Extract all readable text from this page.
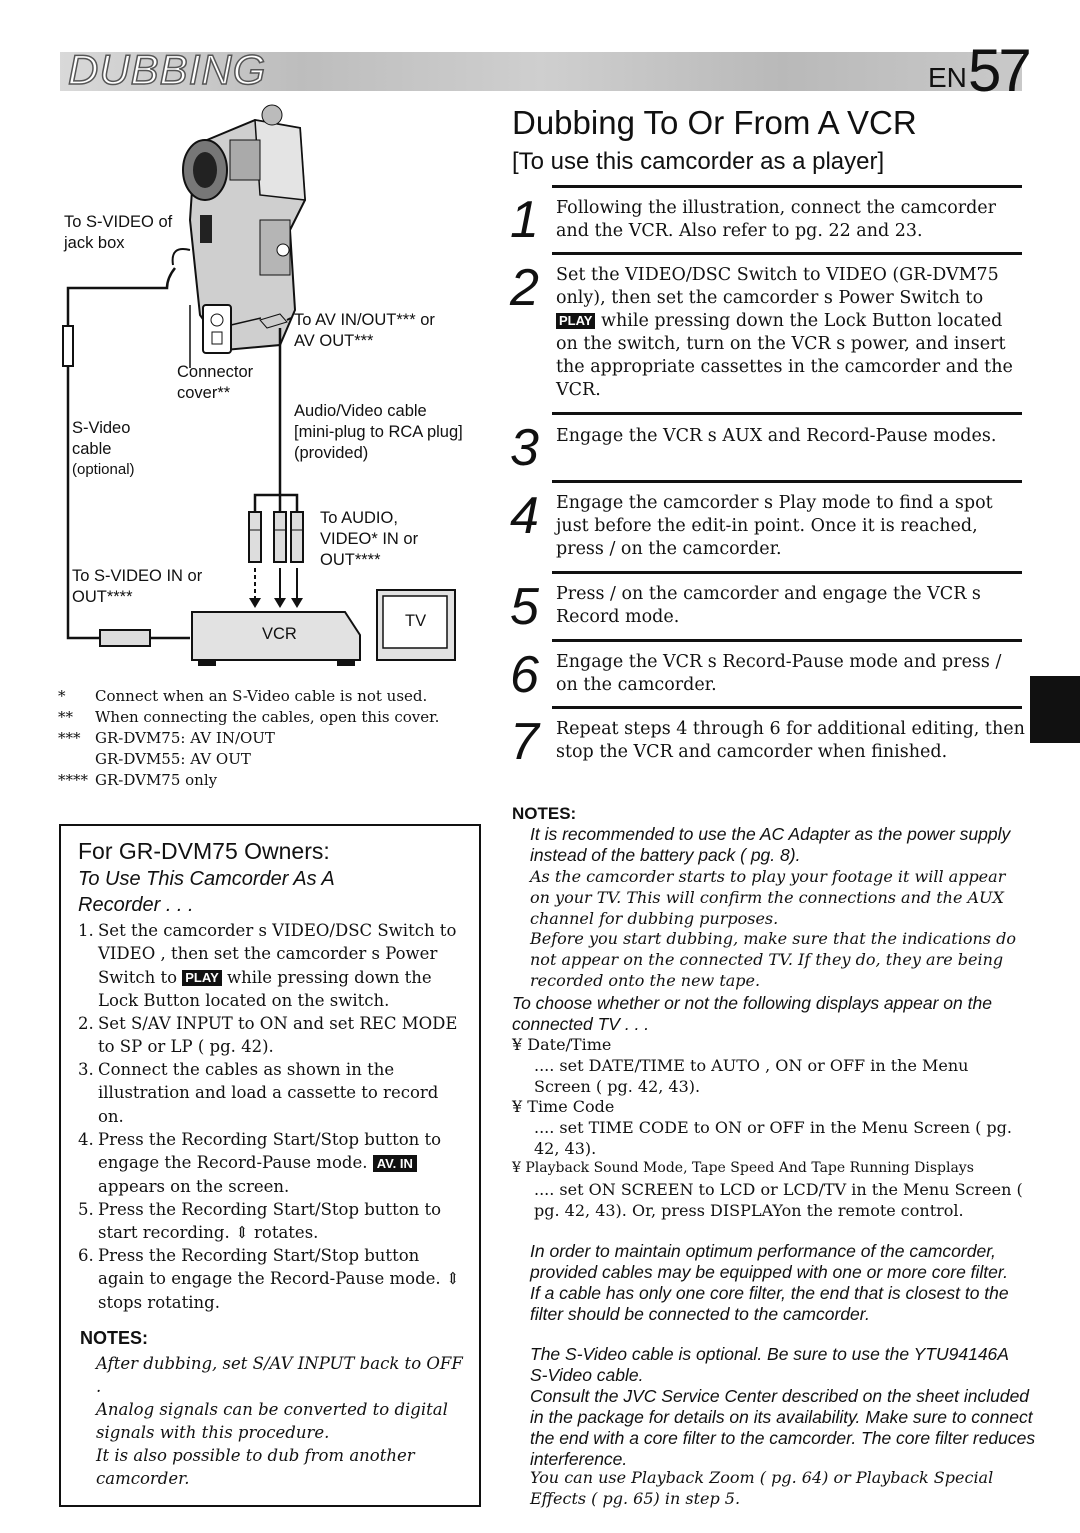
DUBBING	EN 57
To S-VIDEO of jack box
To AV IN/OUT*** or AV OUT***
Connector cover**
Audio/Video cable [mini-plug to RCA plug] (provided)
S-Video cable
(optional)
To AUDIO, VIDEO* IN or OUT****
To S-VIDEO IN or OUT****
VCR
TV
* Connect when an S-Video cable is not used.
** When connecting the cables, open this cover.
*** GR-DVM75: AV IN/OUT
GR-DVM55: AV OUT
**** GR-DVM75 only
For GR-DVM75 Owners:
To Use This Camcorder As A Recorder . . .
1. Set the camcorder s VIDEO/DSC Switch to VIDEO , then set the camcorder s Power Switch to PLAY while pressing down the Lock Button located on the switch.
2. Set S/AV INPUT to ON and set REC MODE to SP or LP ( pg. 42).
3. Connect the cables as shown in the illustration and load a cassette to record on.
4. Press the Recording Start/Stop button to engage the Record-Pause mode. AV. IN appears on the screen.
5. Press the Recording Start/Stop button to start recording. ⇕ rotates.
6. Press the Recording Start/Stop button again to engage the Record-Pause mode. ⇕ stops rotating.
NOTES:
After dubbing, set S/AV INPUT back to OFF .
Analog signals can be converted to digital signals with this procedure.
It is also possible to dub from another camcorder.
Dubbing To Or From A VCR
[To use this camcorder as a player]
1 Following the illustration, connect the camcorder and the VCR. Also refer to pg. 22 and 23.
2 Set the VIDEO/DSC Switch to VIDEO (GR-DVM75 only), then set the camcorder s Power Switch to PLAY while pressing down the Lock Button located on the switch, turn on the VCR s power, and insert the appropriate cassettes in the camcorder and the VCR.
3 Engage the VCR s AUX and Record-Pause modes.
4 Engage the camcorder s Play mode to find a spot just before the edit-in point. Once it is reached, press / on the camcorder.
5 Press / on the camcorder and engage the VCR s Record mode.
6 Engage the VCR s Record-Pause mode and press / on the camcorder.
7 Repeat steps 4 through 6 for additional editing, then stop the VCR and camcorder when finished.
NOTES:
It is recommended to use the AC Adapter as the power supply instead of the battery pack ( pg. 8).
As the camcorder starts to play your footage it will appear on your TV. This will confirm the connections and the AUX channel for dubbing purposes.
Before you start dubbing, make sure that the indications do not appear on the connected TV. If they do, they are being recorded onto the new tape.
To choose whether or not the following displays appear on the connected TV . . .
¥ Date/Time
.... set DATE/TIME to AUTO , ON or OFF in the Menu Screen ( pg. 42, 43).
¥ Time Code
.... set TIME CODE to ON or OFF in the Menu Screen ( pg. 42, 43).
¥ Playback Sound Mode, Tape Speed And Tape Running Displays
.... set ON SCREEN to LCD or LCD/TV in the Menu Screen ( pg. 42, 43). Or, press DISPLAYon the remote control.
In order to maintain optimum performance of the camcorder, provided cables may be equipped with one or more core filter. If a cable has only one core filter, the end that is closest to the filter should be connected to the camcorder.
The S-Video cable is optional. Be sure to use the YTU94146A S-Video cable.
Consult the JVC Service Center described on the sheet included in the package for details on its availability. Make sure to connect the end with a core filter to the camcorder. The core filter reduces interference.
You can use Playback Zoom ( pg. 64) or Playback Special Effects ( pg. 65) in step 5.
